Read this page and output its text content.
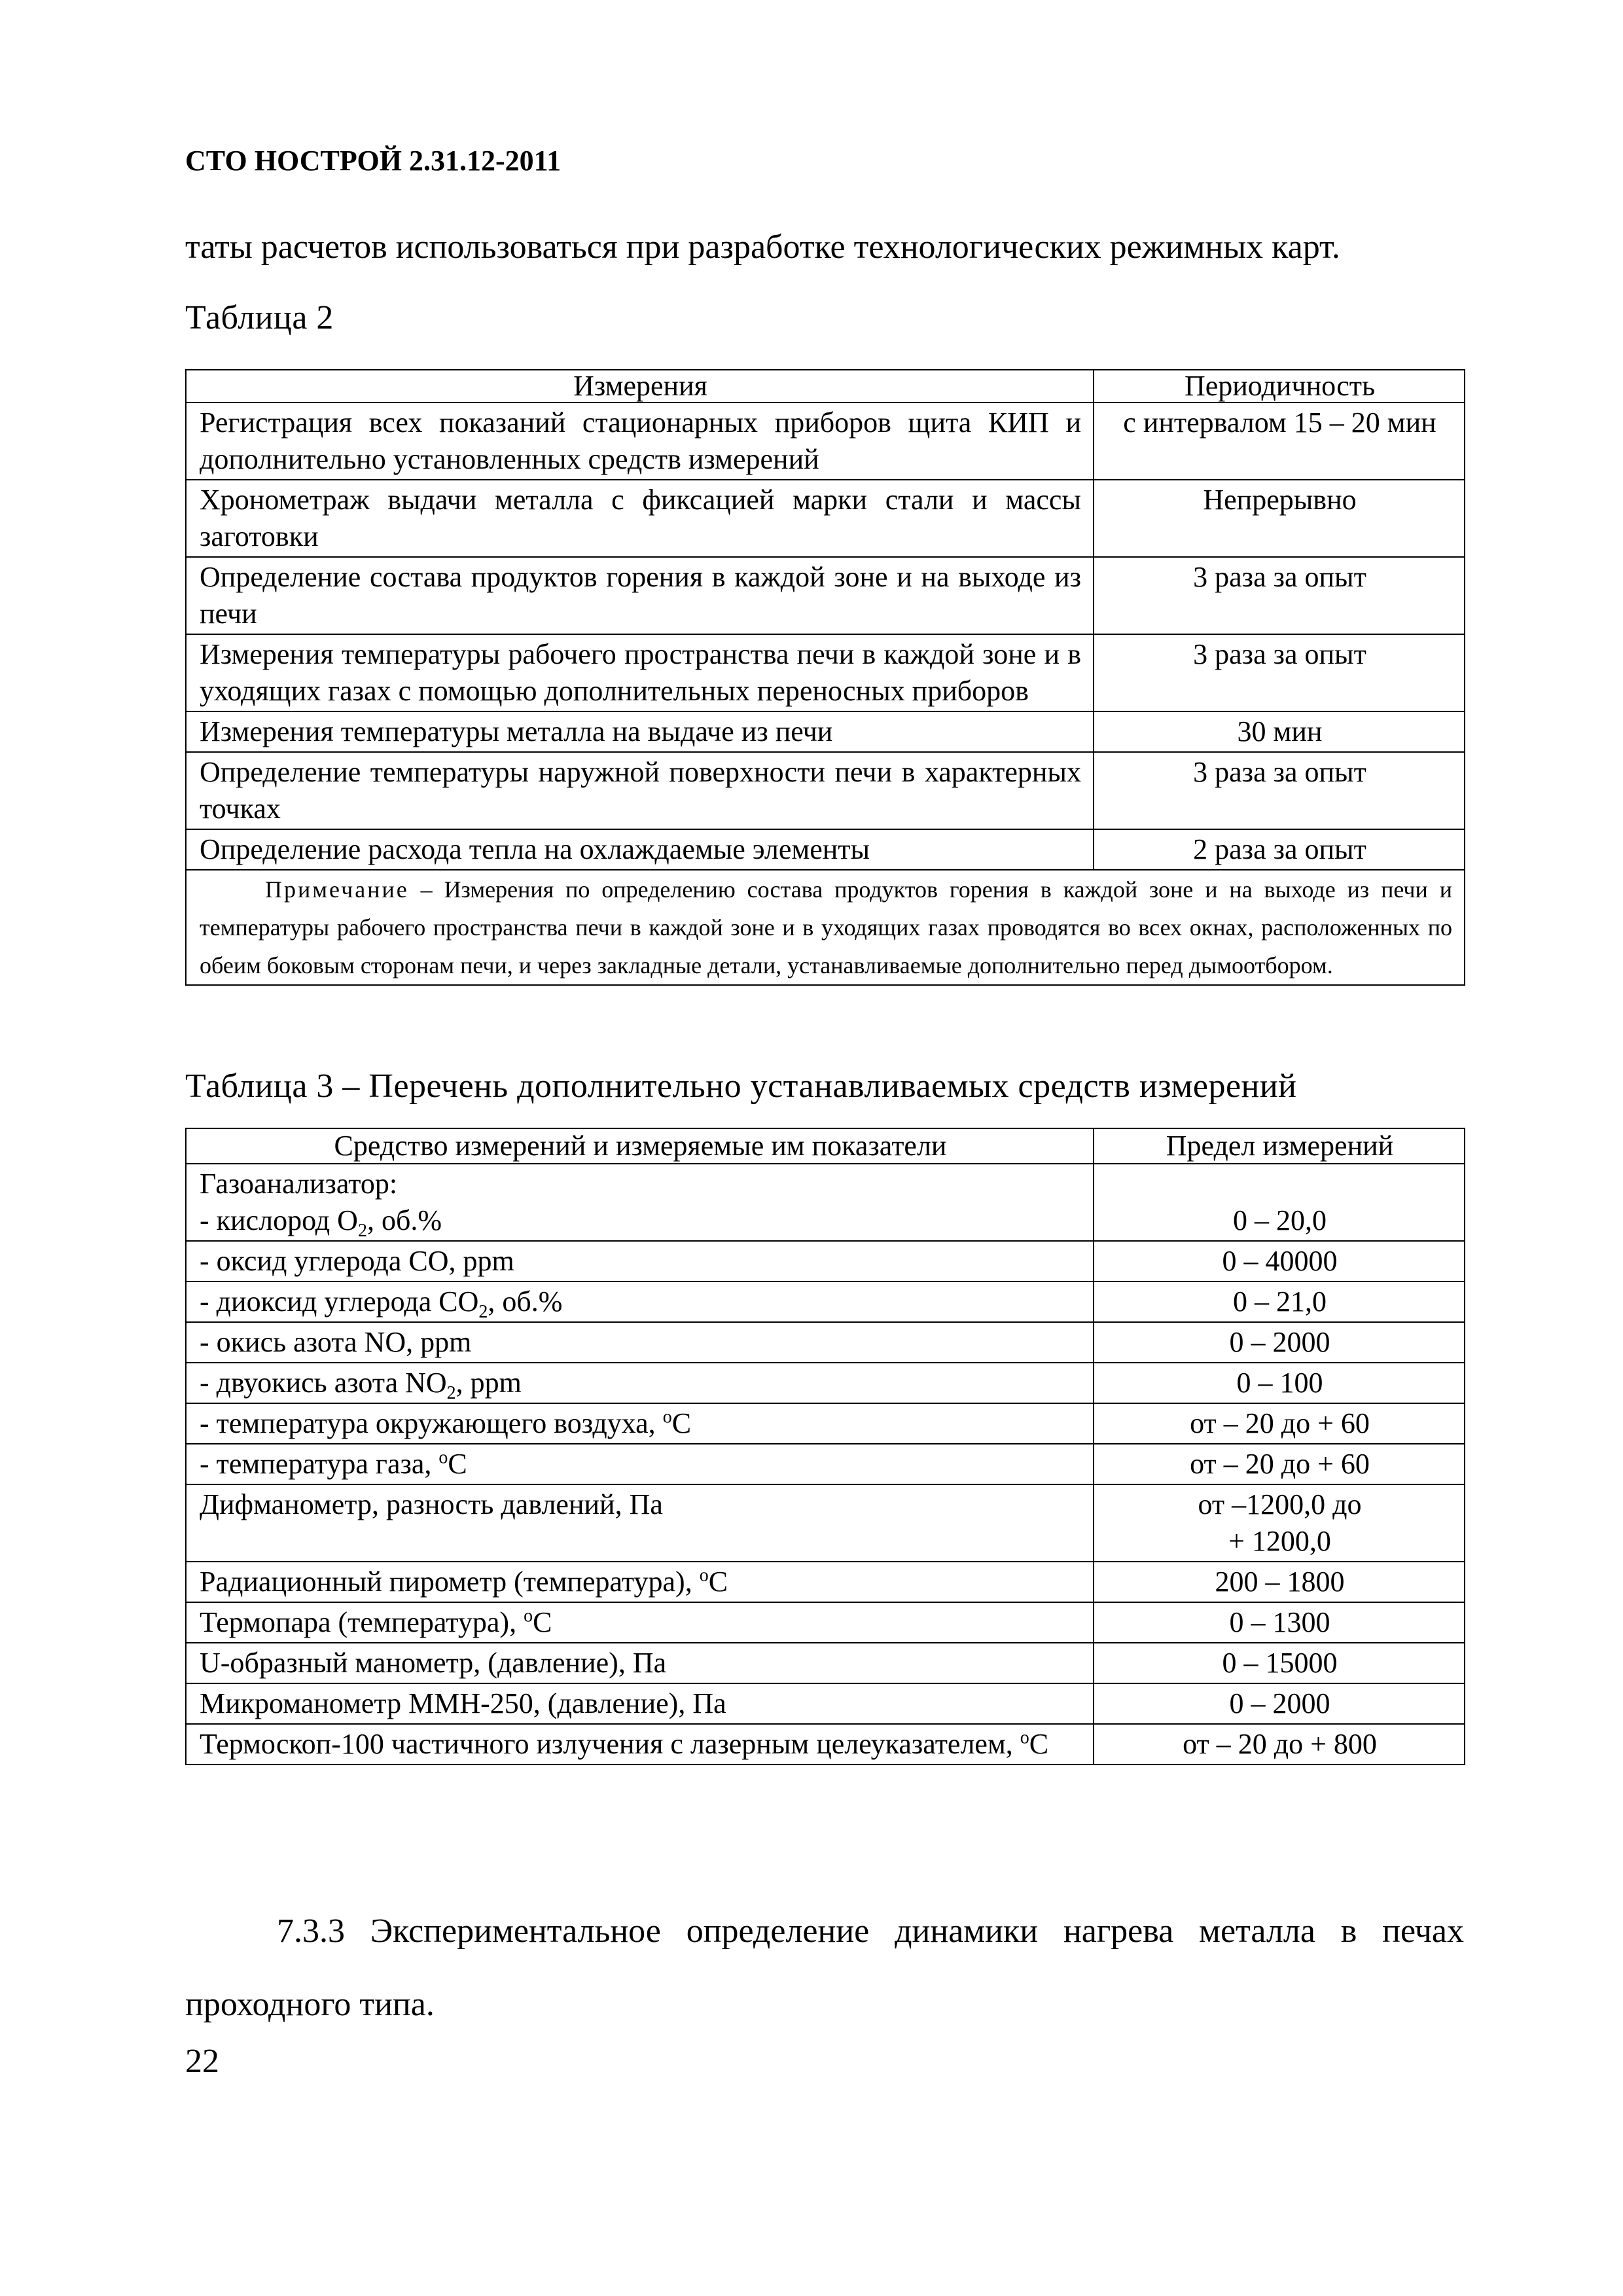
СТО НОСТРОЙ 2.31.12-2011
таты расчетов использоваться при разработке технологических режимных карт.
Таблица 2
Измерения	Периодичность
Регистрация всех показаний стационарных приборов щита КИП и дополнительно установленных средств измерений	с интервалом 15 – 20 мин
Хронометраж выдачи металла с фиксацией марки стали и массы заготовки	Непрерывно
Определение состава продуктов горения в каждой зоне и на выходе из печи	3 раза за опыт
Измерения температуры рабочего пространства печи в каждой зоне и в уходящих газах с помощью дополнительных переносных приборов	3 раза за опыт
Измерения температуры металла на выдаче из печи	30 мин
Определение температуры наружной поверхности печи в характерных точках	3 раза за опыт
Определение расхода тепла на охлаждаемые элементы	2 раза за опыт
Примечание – Измерения по определению состава продуктов горения в каждой зоне и на выходе из печи и температуры рабочего пространства печи в каждой зоне и в уходящих газах проводятся во всех окнах, расположенных по обеим боковым сторонам печи, и через закладные детали, устанавливаемые дополнительно перед дымоотбором.	
Таблица 3 – Перечень дополнительно устанавливаемых средств измерений
Средство измерений и измеряемые им показатели	Предел измерений

Газоанализатор:
- кислород $O_2$, об.%	0 – 20,0
- оксид углерода CO, ppm	0 – 40000
- диоксид углерода $CO_2$, об.%	0 – 21,0
- окись азота NO, ppm	0 – 2000
- двуокись азота $NO_2$, ppm	0 – 100
- температура окружающего воздуха, $^o$C	от – 20 до + 60
- температура газа, $^o$C	от – 20 до + 60
Дифманометр, разность давлений, Па	от –1200,0 до
+ 1200,0

Радиационный пирометр (температура), $^o$C	200 – 1800
Термопара (температура), $^o$C	0 – 1300
U-образный манометр, (давление), Па	0 – 15000
Микроманометр ММН-250, (давление), Па	0 – 2000
Термоскоп-100 частичного излучения с лазерным целеуказателем, $^o$C	от – 20 до + 800
7.3.3 Экспериментальное определение динамики нагрева металла в печах проходного типа.
22
